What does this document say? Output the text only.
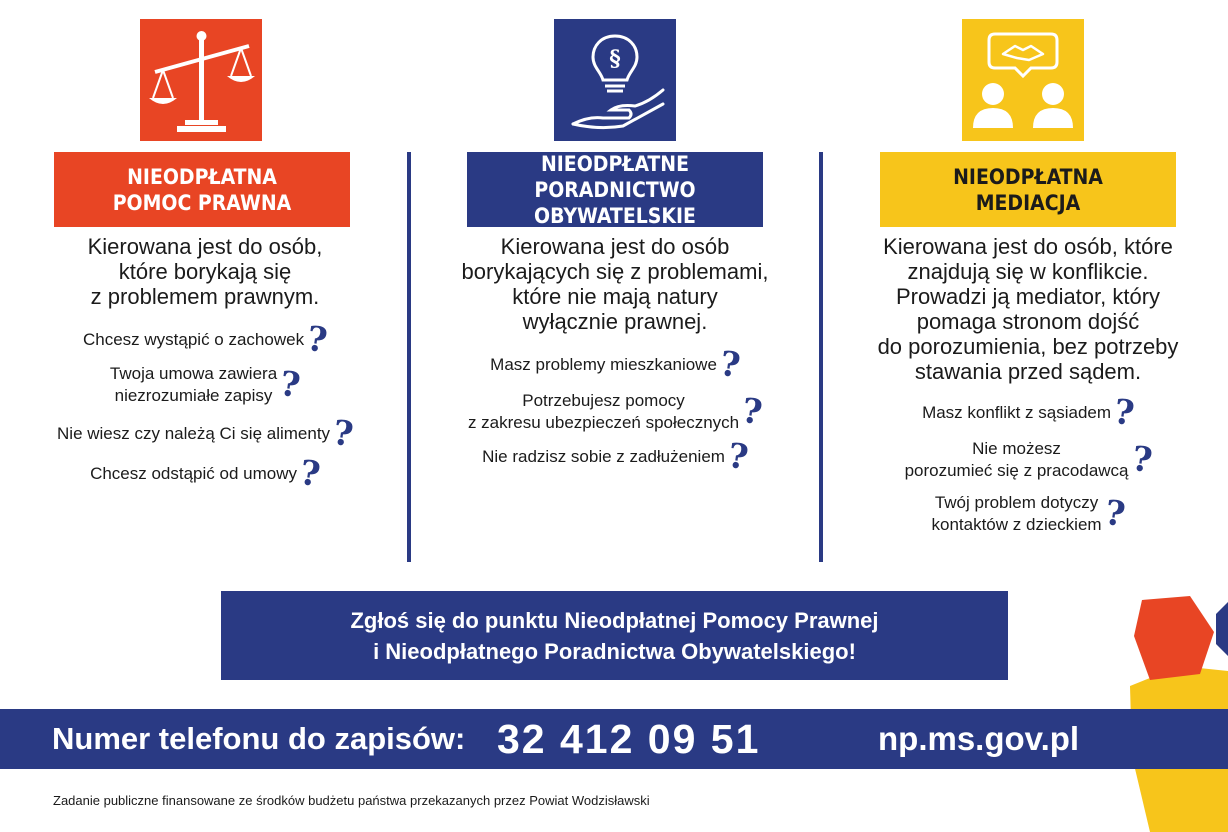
NIEODPŁATNA
POMOC PRAWNA
Kierowana jest do osób,
które borykają się
z problemem prawnym.
Chcesz wystąpić o zachowek ?
Twoja umowa zawiera
niezrozumiałe zapisy ?
Nie wiesz czy należą Ci się alimenty ?
Chcesz odstąpić od umowy ?
§
NIEODPŁATNE
PORADNICTWO OBYWATELSKIE
Kierowana jest do osób
borykających się z problemami,
które nie mają natury
wyłącznie prawnej.
Masz problemy mieszkaniowe ?
Potrzebujesz pomocy
z zakresu ubezpieczeń społecznych ?
Nie radzisz sobie z zadłużeniem ?
NIEODPŁATNA
MEDIACJA
Kierowana jest do osób, które
znajdują się w konflikcie.
Prowadzi ją mediator, który
pomaga stronom dojść
do porozumienia, bez potrzeby
stawania przed sądem.
Masz konflikt z sąsiadem ?
Nie możesz
porozumieć się z pracodawcą ?
Twój problem dotyczy
kontaktów z dzieckiem ?
Zgłoś się do punktu Nieodpłatnej Pomocy Prawnej
i Nieodpłatnego Poradnictwa Obywatelskiego!
Numer telefonu do zapisów: 32 412 09 51	np.ms.gov.pl
Zadanie publiczne finansowane ze środków budżetu państwa przekazanych przez Powiat Wodzisławski
